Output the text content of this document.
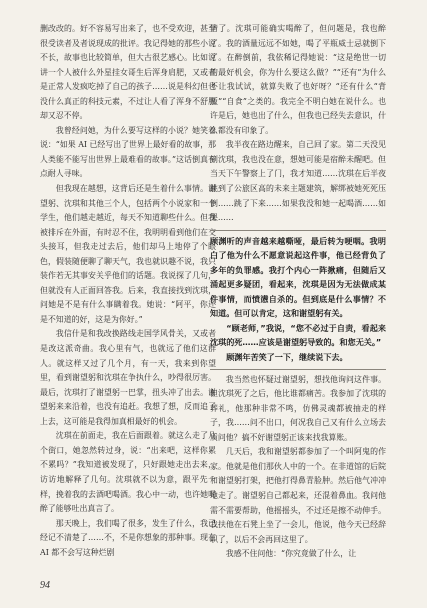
删改改的。好不容易写出来了，也不受欢迎，甚至很受读者及者说现成的批评。我记得她的那些小说不长，故事也比较简单，但大古很艺感心。比如说讲一个人被什么外星挂女哥生后浑身肩肥，又或者是正常人发疯吃掉了自己的孩子……说是科幻但也没什么真正的科技元素，不过让人看了浑身不舒服却又忍不停。

我曾经问她，为什么要写这样的小说？她笑着说：“如果 AI 已经写出了世界上最好看的故事，那人类能不能写出世界上最难看的故事。”这话倒真有点耐人寻味。

但我现在越想，这背后还是生着什么事情。谢望躬、沈琪和其他三个人，包括两个小说家和一个学生，他们越走越近，每天不知道聊些什么。但我被排斥在外面，有时忍不住，我明明看到他们在交头接耳，但我走过去后，他们却马上地停了个眼色，假装随便聊了聊天气，我也就识趣不说，我只装作若无其事安关乎他们的话题。我说探了几句，但就没有人正面回答我。后来，我直接找到沈琪，问她是不是有什么事瞒着我。她说：“阿平，你还是不知道的好，这是为你好。”

我信什是和我改换路线走国学风骨关，又或者是改这派奇曲。我心里有气，也就远了他们这群人。就这样又过了几个月，有一天，我来到你望里，看到谢望躬和沈琪在争执什么，吵得很厉害。最后，沈琪打了谢望躬一巴掌，扭头冲了出去。谢望躬来来沿着，也没有追赶。我想了想，反而追了上去，这可能是我得加真相最好的机会。

沈琪在前面走，我在后面跟着。就这么走了几个街口，她忽然转过身，说：“出来吧，这样你累不累吗？”我知道被发现了，只好跟她走出去来，访访地解释了几句。沈琪就不以为意，跟平先一样，挽着我的去酒吧喝酒。我心中一动，也许她喝醉了能够吐出真言了。

那天晚上，我们喝了很多，发生了什么，我已经记不清楚了……不，不是你想象的那种事。现在 AI 都不会写这种烂剧

情了。沈琪可能确实喝醉了，但问题是，我也醉了。我的酒量远远不如她，喝了平瓶威士忌就倒下了。在醉倒前，我依稀记得她说：“这是绝世一切的最好机会，你为什么要这么做？”“还有”为什么不让我试试，就算失败了也好呀？“还有什么“背叛”“自食”之类的。我完全不明白她在说什么。也许是后，她也出了什么，但我也已经失去意识，什么都没有印象了。

我半夜在路边醒来，自己回了家。第二天没见到沈琪，我也没在意，想她可能是宿醉未醒吧。但当天下午警察上了门，我才知道……沈琪在后半夜跳到了公旅区高的未来主题建筑，解绑被她死死压倒……跳了下来……如果我没和她一起喝酒……如果……

顾渊听的声音越来越嘶哑，最后转为哽咽。我明白了他为什么不愿意说起这件事，他已经背负了多年的负罪感。我打个内心一阵揪痛，但随后又涌起更多疑团，看起来，沈琪是因为无法做成某件事情，而愤懑自杀的。但到底是什么事情？不知道。但可以肯定，这和谢望躬有关。

“顾老师，”我说，“您不必过于自责，看起来沈琪的死……应该是谢望躬导致的。和您无关。”

顾渊年苦笑了一下，继续说下去。

我当然也怀疑过谢望躬，想找他询问这件事。但沈琪死了之后，他比谁都痛苦。我参加了沈琪的葬礼，他那种非常不鸣，仿佛灵魂都被抽走的样子，我……问不出口，何况我自己又有什么立场去质问他？搞不好谢望躬正该来找我算账。

几天后，我和谢望躬都参加了一个叫阿鬼的作家。他就是他们那伙人中的一个。在非道馆的后院和谢望躬打架，把他打得鼻青脸肿。然后他气冲冲地走了。谢望躬自己都起来，还混着鼻血。我问他需不需要帮助，他摇摇头，不过还是擦不动伸手。我扶他在石凳上坐了一会儿，他说，他今天已经辞职了，以后不会再回这里了。

我感不住问他：“你究竟做了什么，让

94
